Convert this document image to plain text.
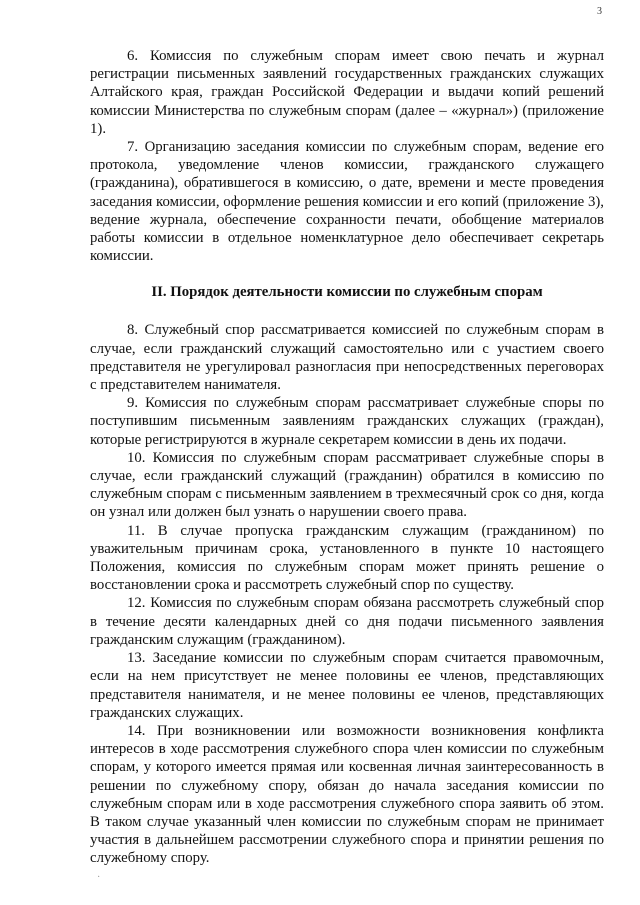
3

6. Комиссия по служебным спорам имеет свою печать и журнал регистрации письменных заявлений государственных гражданских служащих Алтайского края, граждан Российской Федерации и выдачи копий решений комиссии Министерства по служебным спорам (далее – «журнал») (приложение 1).

7. Организацию заседания комиссии по служебным спорам, ведение его протокола, уведомление членов комиссии, гражданского служащего (гражданина), обратившегося в комиссию, о дате, времени и месте проведения заседания комиссии, оформление решения комиссии и его копий (приложение 3), ведение журнала, обеспечение сохранности печати, обобщение материалов работы комиссии в отдельное номенклатурное дело обеспечивает секретарь комиссии.

II. Порядок деятельности комиссии по служебным спорам

8. Служебный спор рассматривается комиссией по служебным спорам в случае, если гражданский служащий самостоятельно или с участием своего представителя не урегулировал разногласия при непосредственных переговорах с представителем нанимателя.

9. Комиссия по служебным спорам рассматривает служебные споры по поступившим письменным заявлениям гражданских служащих (граждан), которые регистрируются в журнале секретарем комиссии в день их подачи.

10. Комиссия по служебным спорам рассматривает служебные споры в случае, если гражданский служащий (гражданин) обратился в комиссию по служебным спорам с письменным заявлением в трехмесячный срок со дня, когда он узнал или должен был узнать о нарушении своего права.

11. В случае пропуска гражданским служащим (гражданином) по уважительным причинам срока, установленного в пункте 10 настоящего Положения, комиссия по служебным спорам может принять решение о восстановлении срока и рассмотреть служебный спор по существу.

12. Комиссия по служебным спорам обязана рассмотреть служебный спор в течение десяти календарных дней со дня подачи письменного заявления гражданским служащим (гражданином).

13. Заседание комиссии по служебным спорам считается правомочным, если на нем присутствует не менее половины ее членов, представляющих представителя нанимателя, и не менее половины ее членов, представляющих гражданских служащих.

14. При возникновении или возможности возникновения конфликта интересов в ходе рассмотрения служебного спора член комиссии по служебным спорам, у которого имеется прямая или косвенная личная заинтересованность в решении по служебному спору, обязан до начала заседания комиссии по служебным спорам или в ходе рассмотрения служебного спора заявить об этом. В таком случае указанный член комиссии по служебным спорам не принимает участия в дальнейшем рассмотрении служебного спора и принятии решения по служебному спору.

·
